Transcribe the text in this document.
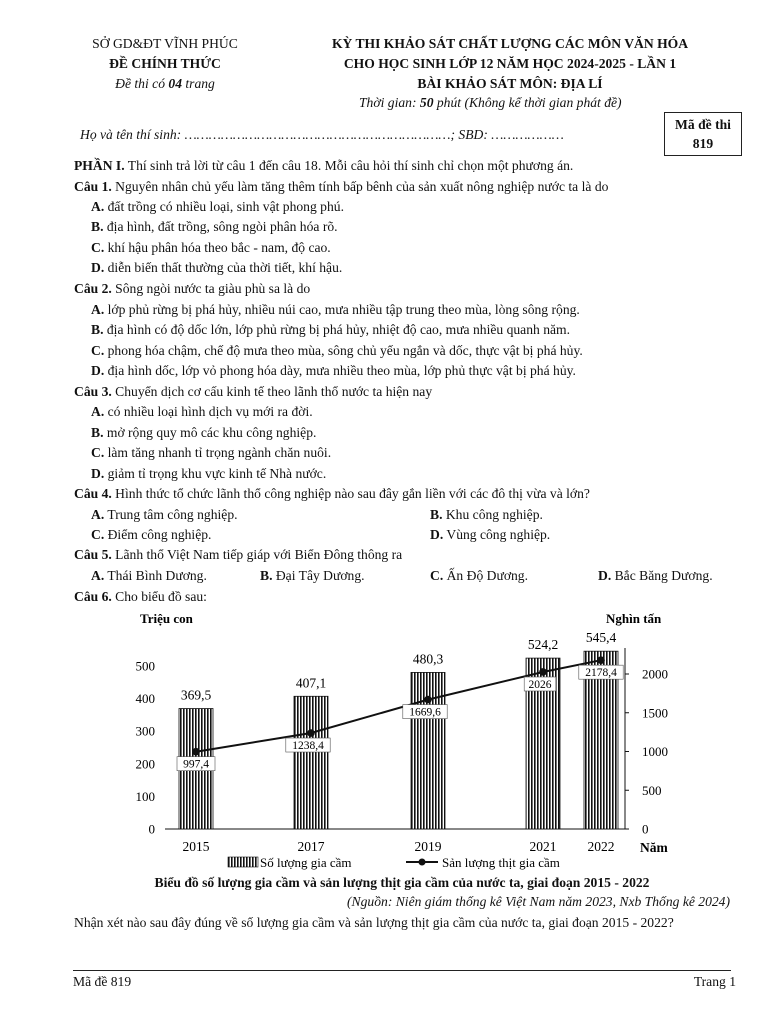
SỞ GD&ĐT VĨNH PHÚC
ĐỀ CHÍNH THỨC
Đề thi có 04 trang
KỲ THI KHẢO SÁT CHẤT LƯỢNG CÁC MÔN VĂN HÓA
CHO HỌC SINH LỚP 12 NĂM HỌC 2024-2025 - LẦN 1
BÀI KHẢO SÁT MÔN: ĐỊA LÍ
Thời gian: 50 phút (Không kể thời gian phát đề)
Họ và tên thí sinh: …………………………………………………………; SBD: ………………
Mã đề thi
819
PHẦN I. Thí sinh trả lời từ câu 1 đến câu 18. Mỗi câu hỏi thí sinh chỉ chọn một phương án.
Câu 1. Nguyên nhân chủ yếu làm tăng thêm tính bấp bênh của sản xuất nông nghiệp nước ta là do
A. đất trồng có nhiều loại, sinh vật phong phú.
B. địa hình, đất trồng, sông ngòi phân hóa rõ.
C. khí hậu phân hóa theo bắc - nam, độ cao.
D. diễn biến thất thường của thời tiết, khí hậu.
Câu 2. Sông ngòi nước ta giàu phù sa là do
A. lớp phủ rừng bị phá hủy, nhiều núi cao, mưa nhiều tập trung theo mùa, lòng sông rộng.
B. địa hình có độ dốc lớn, lớp phủ rừng bị phá hủy, nhiệt độ cao, mưa nhiều quanh năm.
C. phong hóa chậm, chế độ mưa theo mùa, sông chủ yếu ngắn và dốc, thực vật bị phá hủy.
D. địa hình dốc, lớp vỏ phong hóa dày, mưa nhiều theo mùa, lớp phủ thực vật bị phá hủy.
Câu 3. Chuyển dịch cơ cấu kinh tế theo lãnh thổ nước ta hiện nay
A. có nhiều loại hình dịch vụ mới ra đời.
B. mở rộng quy mô các khu công nghiệp.
C. làm tăng nhanh tỉ trọng ngành chăn nuôi.
D. giảm tỉ trọng khu vực kinh tế Nhà nước.
Câu 4. Hình thức tổ chức lãnh thổ công nghiệp nào sau đây gắn liền với các đô thị vừa và lớn?
A. Trung tâm công nghiệp.	B. Khu công nghiệp.
C. Điểm công nghiệp.	D. Vùng công nghiệp.
Câu 5. Lãnh thổ Việt Nam tiếp giáp với Biển Đông thông ra
A. Thái Bình Dương.	B. Đại Tây Dương.	C. Ấn Độ Dương.	D. Bắc Băng Dương.
Câu 6. Cho biểu đồ sau:
Triệu con	Nghìn tấn
0
100
200
300
400
500
0
500
1000
1500
2000
369,5
407,1
480,3
524,2 545,4
997,4
1238,4
1669,6
2026
2178,4
2015	2017	2019	2021 2022 Năm
Số lượng gia cầm	Sản lượng thịt gia cầm
Biểu đồ số lượng gia cầm và sản lượng thịt gia cầm của nước ta, giai đoạn 2015 - 2022
(Nguồn: Niên giám thống kê Việt Nam năm 2023, Nxb Thống kê 2024)
Nhận xét nào sau đây đúng về số lượng gia cầm và sản lượng thịt gia cầm của nước ta, giai đoạn 2015 - 2022?
Mã đề 819	Trang 1
